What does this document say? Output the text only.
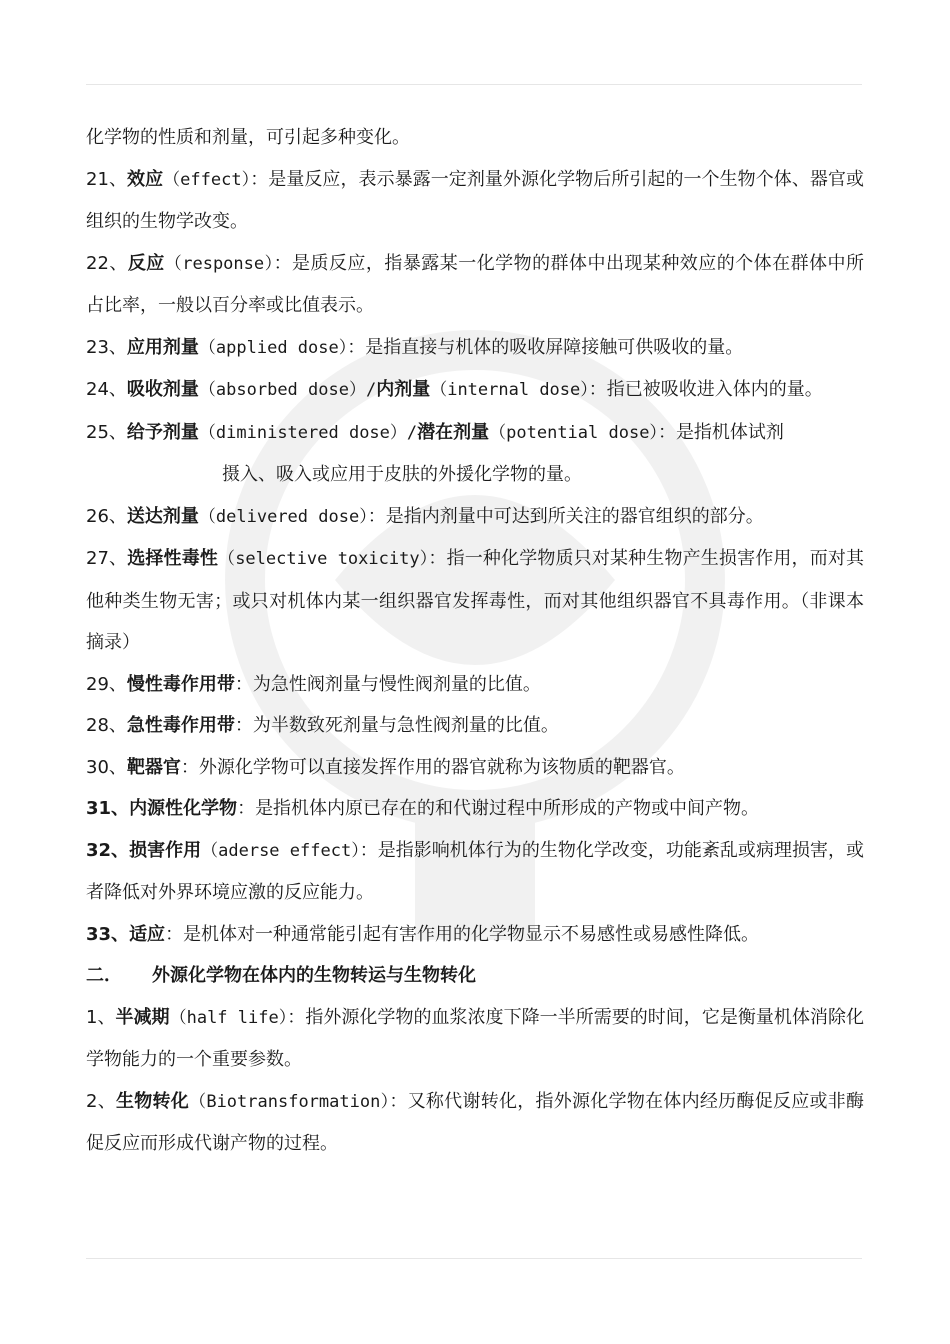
化学物的性质和剂量，可引起多种变化。

21、效应（effect）：是量反应，表示暴露一定剂量外源化学物后所引起的一个生物个体、器官或组织的生物学改变。

22、反应（response）：是质反应，指暴露某一化学物的群体中出现某种效应的个体在群体中所占比率，一般以百分率或比值表示。

23、应用剂量（applied dose）：是指直接与机体的吸收屏障接触可供吸收的量。

24、吸收剂量（absorbed dose）/内剂量（internal dose）：指已被吸收进入体内的量。

25、给予剂量（diministered dose）/潜在剂量（potential dose）：是指机体试剂

摄入、吸入或应用于皮肤的外援化学物的量。

26、送达剂量（delivered dose）：是指内剂量中可达到所关注的器官组织的部分。

27、选择性毒性（selective toxicity）：指一种化学物质只对某种生物产生损害作用，而对其他种类生物无害；或只对机体内某一组织器官发挥毒性，而对其他组织器官不具毒作用。（非课本摘录）

29、慢性毒作用带：为急性阀剂量与慢性阀剂量的比值。

28、急性毒作用带：为半数致死剂量与急性阀剂量的比值。

30、靶器官：外源化学物可以直接发挥作用的器官就称为该物质的靶器官。

31、内源性化学物：是指机体内原已存在的和代谢过程中所形成的产物或中间产物。

32、损害作用（aderse effect）：是指影响机体行为的生物化学改变，功能紊乱或病理损害，或者降低对外界环境应激的反应能力。

33、适应：是机体对一种通常能引起有害作用的化学物显示不易感性或易感性降低。

二． 外源化学物在体内的生物转运与生物转化

1、半减期（half life）：指外源化学物的血浆浓度下降一半所需要的时间，它是衡量机体消除化学物能力的一个重要参数。

2、生物转化（Biotransformation）：又称代谢转化，指外源化学物在体内经历酶促反应或非酶促反应而形成代谢产物的过程。
